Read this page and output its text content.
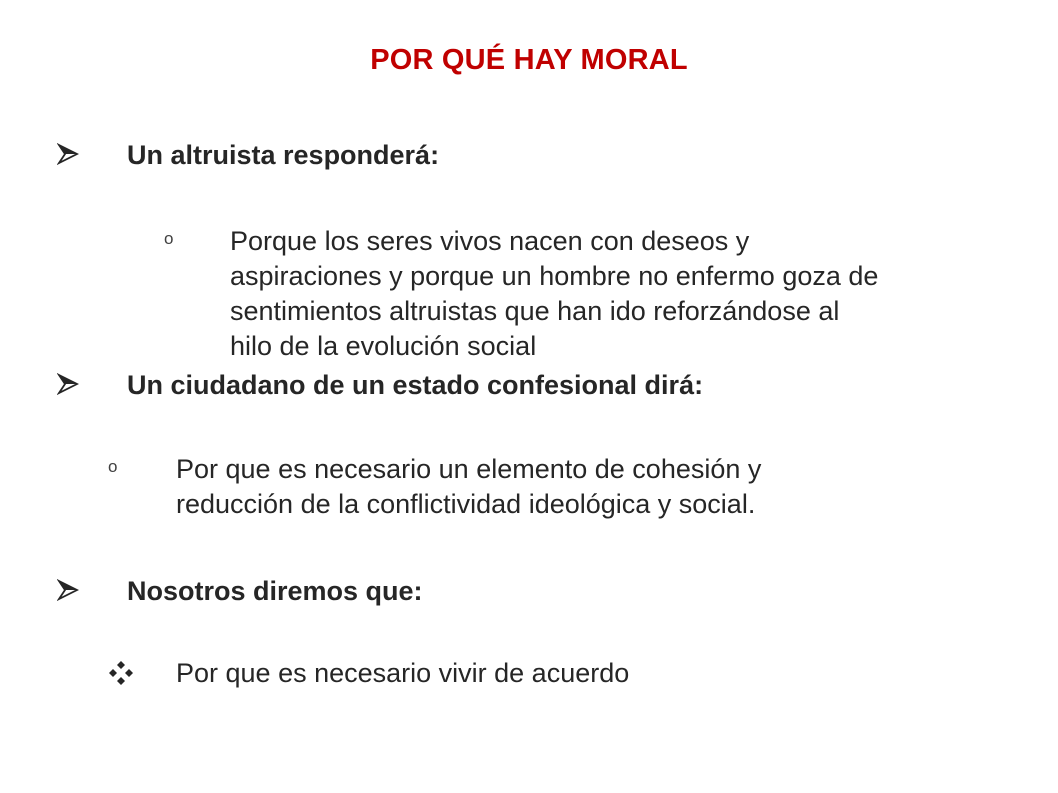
POR QUÉ HAY MORAL
Un altruista responderá:
o Porque los seres vivos nacen con deseos y
aspiraciones y porque un hombre no enfermo goza de
sentimientos altruistas que han ido reforzándose al
hilo de la evolución social
Un ciudadano de un estado confesional dirá:
o Por que es necesario un elemento de cohesión y
reducción de la conflictividad ideológica y social.
Nosotros diremos que:
Por que es necesario vivir de acuerdo
